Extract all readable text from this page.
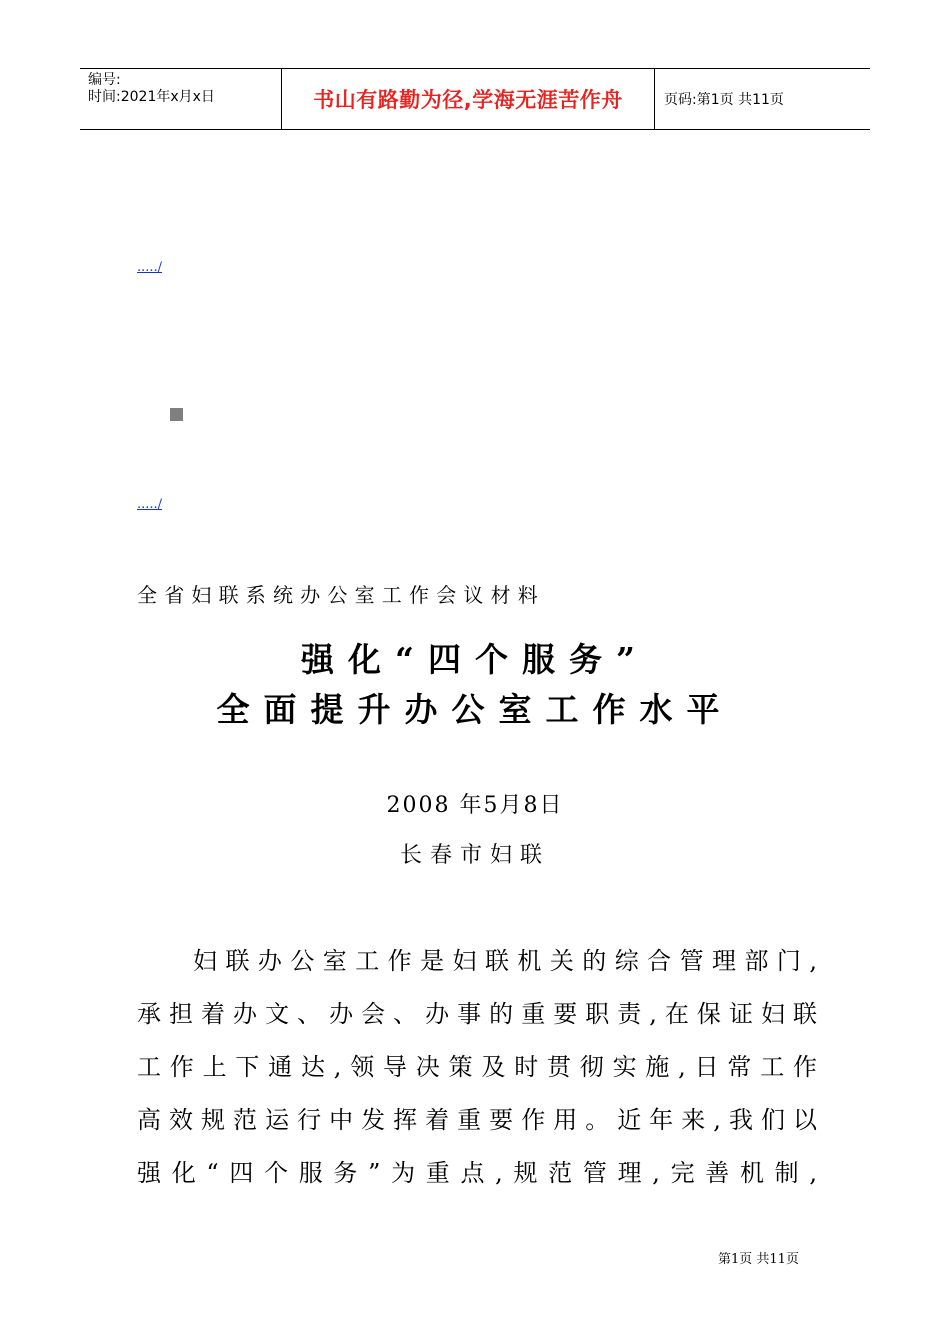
编号:
时间:2021年x月x日	书山有路勤为径,学海无涯苦作舟	页码:第1页 共11页
...../
...../
全省妇联系统办公室工作会议材料
强化“四个服务”
全面提升办公室工作水平
2008 年5月8日
长春市妇联
妇联办公室工作是妇联机关的综合管理部门,
承担着办文、办会、办事的重要职责,在保证妇联
工作上下通达,领导决策及时贯彻实施,日常工作
高效规范运行中发挥着重要作用。近年来,我们以
强化“四个服务”为重点,规范管理,完善机制,
第1页 共11页
